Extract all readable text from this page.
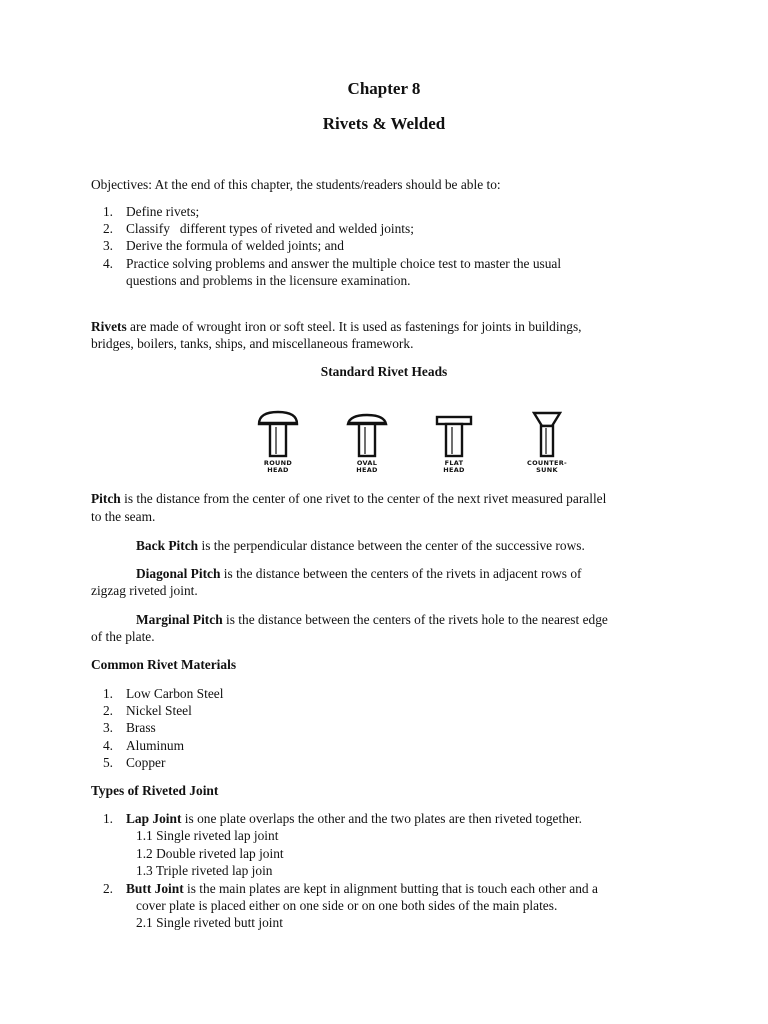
Chapter 8
Rivets & Welded
Objectives: At the end of this chapter, the students/readers should be able to:
1. Define rivets;
2. Classify   different types of riveted and welded joints;
3. Derive the formula of welded joints; and
4. Practice solving problems and answer the multiple choice test to master the usual
questions and problems in the licensure examination.
Rivets are made of wrought iron or soft steel. It is used as fastenings for joints in buildings,
bridges, boilers, tanks, ships, and miscellaneous framework.
Standard Rivet Heads
ROUND
HEAD
OVAL
HEAD
FLAT
HEAD
COUNTER-
SUNK
Pitch is the distance from the center of one rivet to the center of the next rivet measured parallel
to the seam.
Back Pitch is the perpendicular distance between the center of the successive rows.
Diagonal Pitch is the distance between the centers of the rivets in adjacent rows of
zigzag riveted joint.
Marginal Pitch is the distance between the centers of the rivets hole to the nearest edge
of the plate.
Common Rivet Materials
1. Low Carbon Steel
2. Nickel Steel
3. Brass
4. Aluminum
5. Copper
Types of Riveted Joint
1. Lap Joint is one plate overlaps the other and the two plates are then riveted together.
1.1 Single riveted lap joint
1.2 Double riveted lap joint
1.3 Triple riveted lap join
2. Butt Joint is the main plates are kept in alignment butting that is touch each other and a
cover plate is placed either on one side or on one both sides of the main plates.
2.1 Single riveted butt joint
